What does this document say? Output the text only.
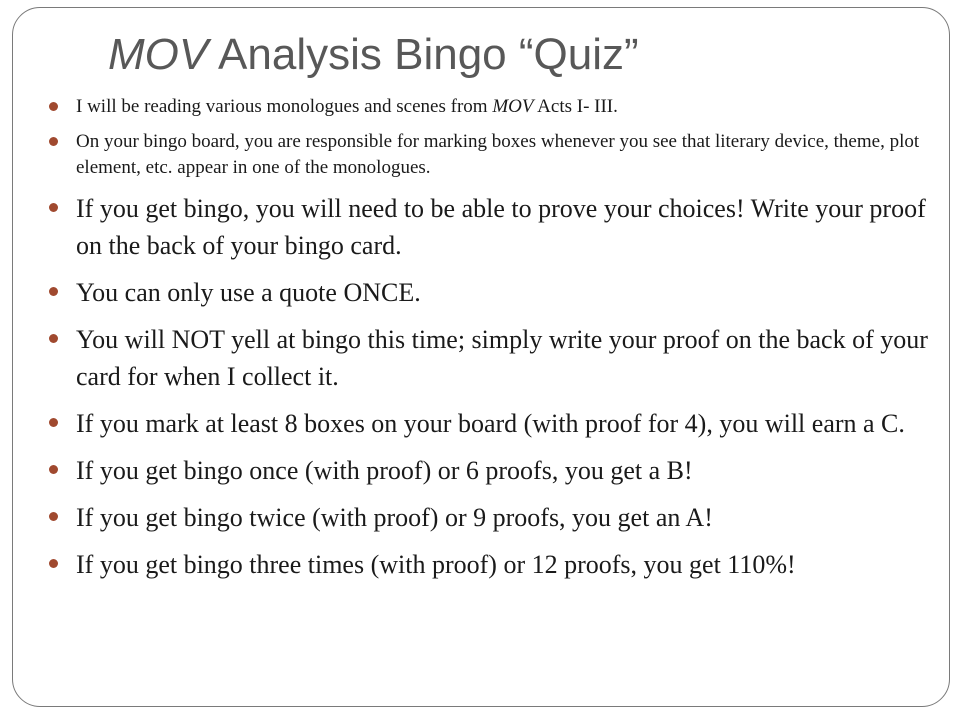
MOV Analysis Bingo “Quiz”
I will be reading various monologues and scenes from MOV Acts I- III.
On your bingo board, you are responsible for marking boxes whenever you see that literary device, theme, plot element, etc. appear in one of the monologues.
If you get bingo, you will need to be able to prove your choices! Write your proof on the back of your bingo card.
You can only use a quote ONCE.
You will NOT yell at bingo this time; simply write your proof on the back of your card for when I collect it.
If you mark at least 8 boxes on your board (with proof for 4), you will earn a C.
If you get bingo once (with proof) or 6 proofs, you get a B!
If you get bingo twice (with proof) or 9 proofs, you get an A!
If you get bingo three times (with proof) or 12 proofs, you get 110%!
